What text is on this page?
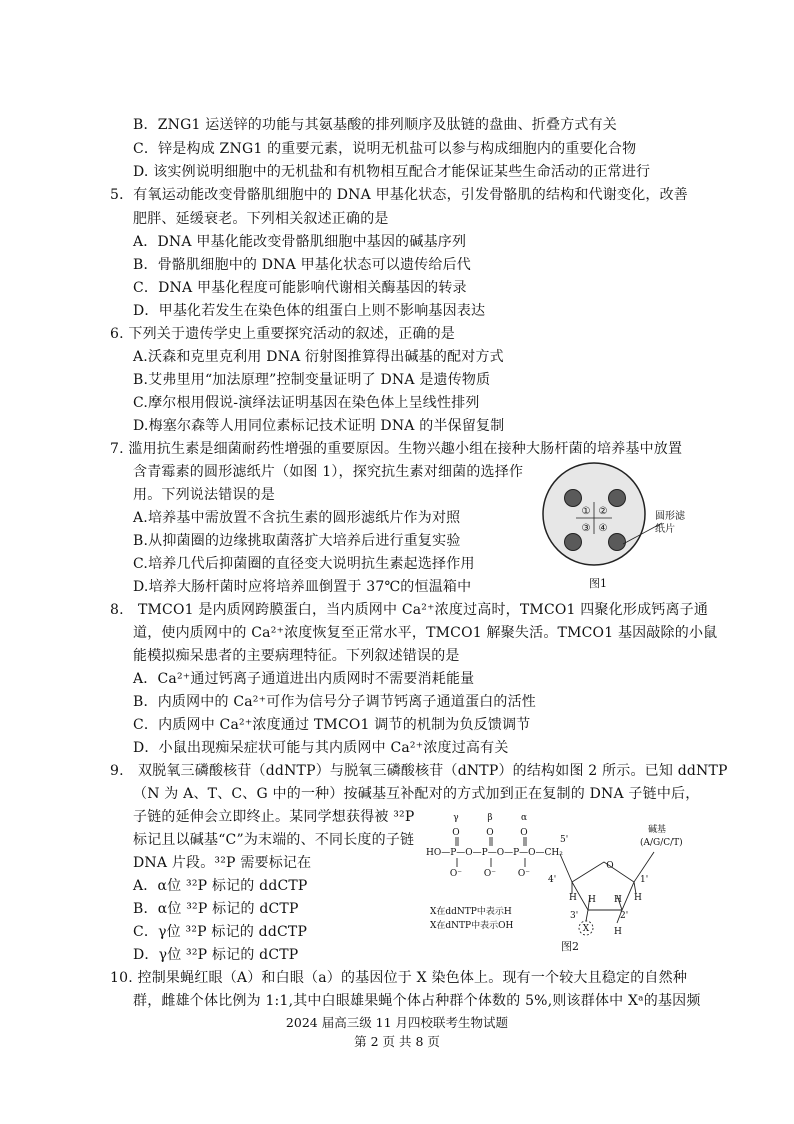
B．ZNG1 运送锌的功能与其氨基酸的排列顺序及肽链的盘曲、折叠方式有关
C．锌是构成 ZNG1 的重要元素，说明无机盐可以参与构成细胞内的重要化合物
D. 该实例说明细胞中的无机盐和有机物相互配合才能保证某些生命活动的正常进行
5．有氧运动能改变骨骼肌细胞中的 DNA 甲基化状态，引发骨骼肌的结构和代谢变化，改善
肥胖、延缓衰老。下列相关叙述正确的是
A．DNA 甲基化能改变骨骼肌细胞中基因的碱基序列
B．骨骼肌细胞中的 DNA 甲基化状态可以遗传给后代
C．DNA 甲基化程度可能影响代谢相关酶基因的转录
D．甲基化若发生在染色体的组蛋白上则不影响基因表达
6. 下列关于遗传学史上重要探究活动的叙述，正确的是
A.沃森和克里克利用 DNA 衍射图推算得出碱基的配对方式
B.艾弗里用“加法原理”控制变量证明了 DNA 是遗传物质
C.摩尔根用假说-演绎法证明基因在染色体上呈线性排列
D.梅塞尔森等人用同位素标记技术证明 DNA 的半保留复制
7. 滥用抗生素是细菌耐药性增强的重要原因。生物兴趣小组在接种大肠杆菌的培养基中放置
含青霉素的圆形滤纸片（如图 1），探究抗生素对细菌的选择作
用。下列说法错误的是
A.培养基中需放置不含抗生素的圆形滤纸片作为对照
B.从抑菌圈的边缘挑取菌落扩大培养后进行重复实验
C.培养几代后抑菌圈的直径变大说明抗生素起选择作用
D.培养大肠杆菌时应将培养皿倒置于 37℃的恒温箱中
8.　TMCO1 是内质网跨膜蛋白，当内质网中 Ca²⁺浓度过高时，TMCO1 四聚化形成钙离子通
道，使内质网中的 Ca²⁺浓度恢复至正常水平，TMCO1 解聚失活。TMCO1 基因敲除的小鼠
能模拟痴呆患者的主要病理特征。下列叙述错误的是
A．Ca²⁺通过钙离子通道进出内质网时不需要消耗能量
B．内质网中的 Ca²⁺可作为信号分子调节钙离子通道蛋白的活性
C．内质网中 Ca²⁺浓度通过 TMCO1 调节的机制为负反馈调节
D．小鼠出现痴呆症状可能与其内质网中 Ca²⁺浓度过高有关
9.　双脱氧三磷酸核苷（ddNTP）与脱氧三磷酸核苷（dNTP）的结构如图 2 所示。已知 ddNTP
（N 为 A、T、C、G 中的一种）按碱基互补配对的方式加到正在复制的 DNA 子链中后，
子链的延伸会立即终止。某同学想获得被 ³²P
标记且以碱基“C”为末端的、不同长度的子链
DNA 片段。³²P 需要标记在
A．α位 ³²P 标记的 ddCTP
B．α位 ³²P 标记的 dCTP
C．γ位 ³²P 标记的 ddCTP
D．γ位 ³²P 标记的 dCTP
10. 控制果蝇红眼（A）和白眼（a）的基因位于 X 染色体上。现有一个较大且稳定的自然种
群，雌雄个体比例为 1:1,其中白眼雄果蝇个体占种群个体数的 5%,则该群体中 Xᵃ的基因频
① ②
③ ④
圆形滤纸片
图1
γ	β	α
O	O	O
HO—P—O—P—O—P—O—CH₂
O⁻ O⁻ O⁻
5'
碱基
(A/G/C/T)
O
4'	1'
H	H
H H
3'	2'
X	H
X在ddNTP中表示H
X在dNTP中表示OH
图2
2024 届高三级 11 月四校联考生物试题
第 2 页 共 8 页
